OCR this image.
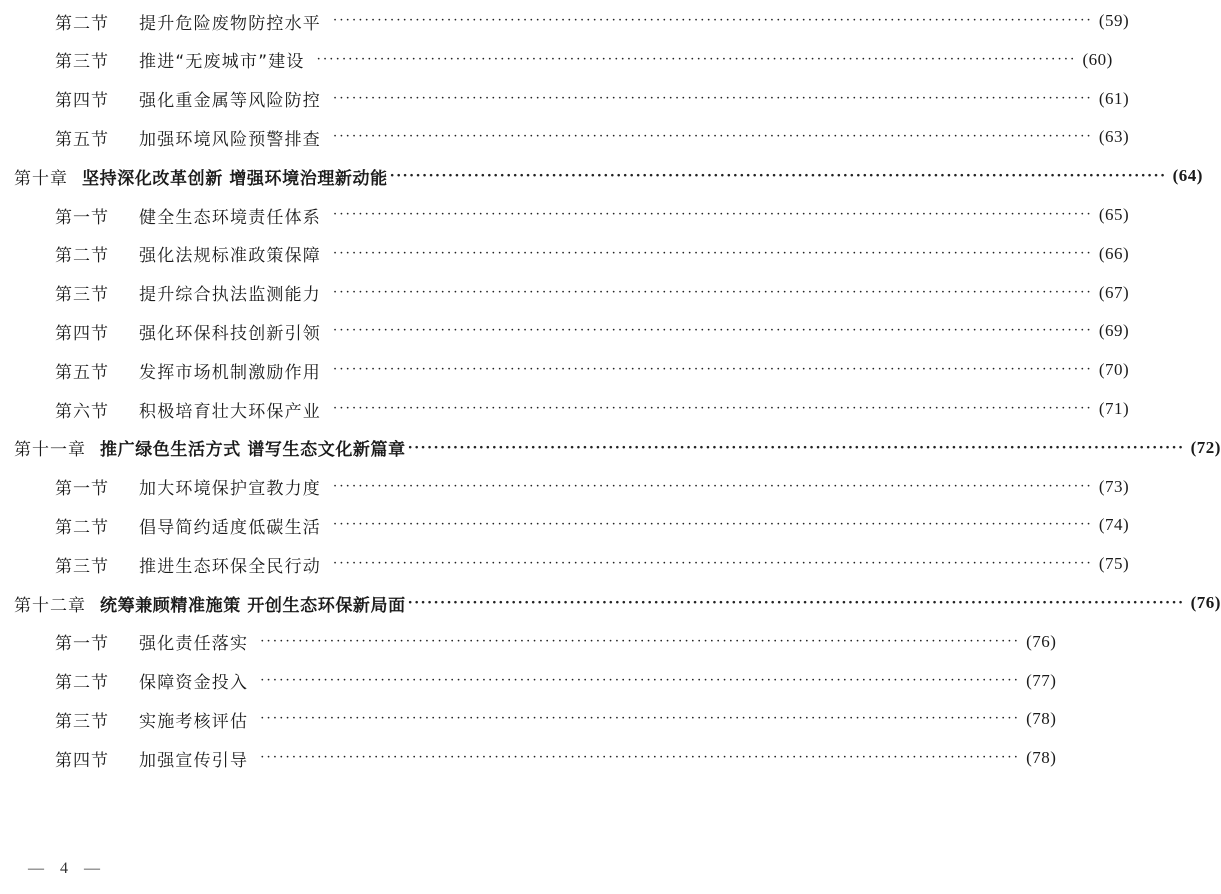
第二节	提升危险废物防控水平 ························································································································ (59)
第三节	推进“无废城市”建设 ························································································································ (60)
第四节	强化重金属等风险防控 ························································································································ (61)
第五节	加强环境风险预警排查 ························································································································ (63)
第十章 坚持深化改革创新 增强环境治理新动能 ························································································································ (64)
第一节	健全生态环境责任体系 ························································································································ (65)
第二节	强化法规标准政策保障 ························································································································ (66)
第三节	提升综合执法监测能力 ························································································································ (67)
第四节	强化环保科技创新引领 ························································································································ (69)
第五节	发挥市场机制激励作用 ························································································································ (70)
第六节	积极培育壮大环保产业 ························································································································ (71)
第十一章 推广绿色生活方式 谱写生态文化新篇章 ························································································································ (72)
第一节	加大环境保护宣教力度 ························································································································ (73)
第二节	倡导简约适度低碳生活 ························································································································ (74)
第三节	推进生态环保全民行动 ························································································································ (75)
第十二章 统筹兼顾精准施策 开创生态环保新局面 ························································································································ (76)
第一节	强化责任落实 ························································································································ (76)
第二节	保障资金投入 ························································································································ (77)
第三节	实施考核评估 ························································································································ (78)
第四节	加强宣传引导 ························································································································ (78)
— 4 —
